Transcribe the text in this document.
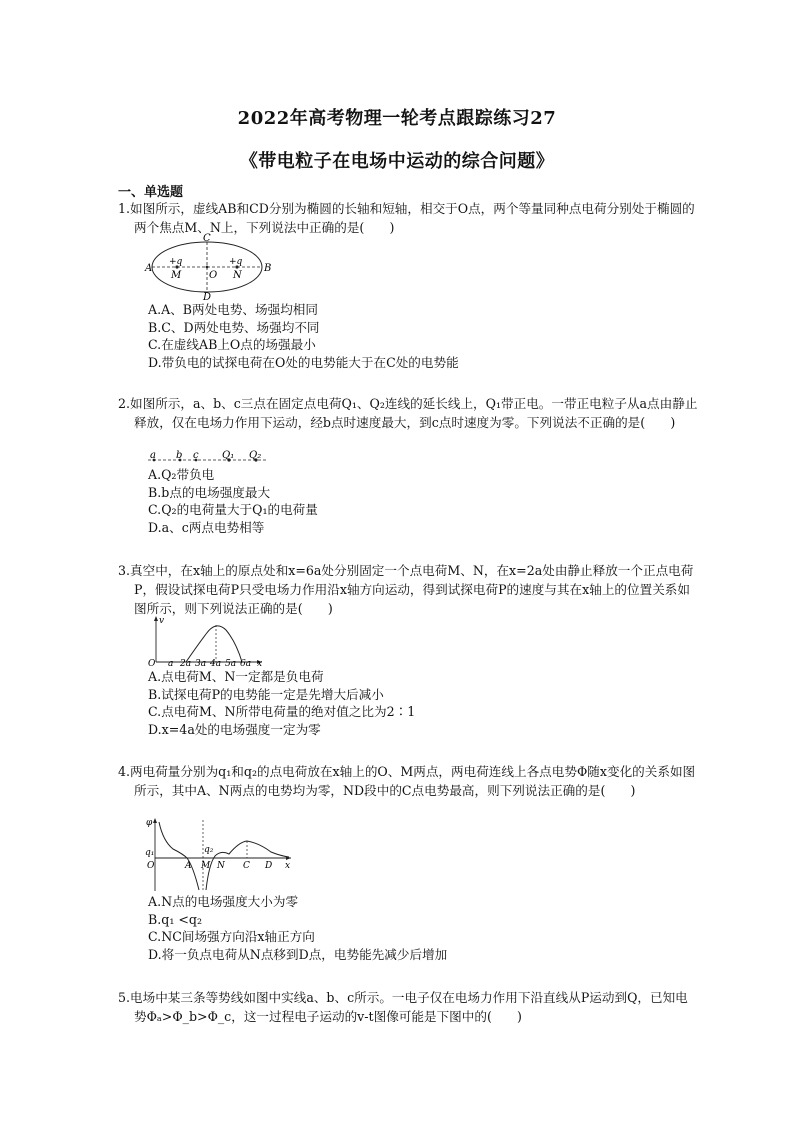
2022年高考物理一轮考点跟踪练习27
《带电粒子在电场中运动的综合问题》
一、单选题
1.如图所示，虚线AB和CD分别为椭圆的长轴和短轴，相交于O点，两个等量同种点电荷分别处于椭圆的两个焦点M、N上，下列说法中正确的是(　　)
A	B
C
D
O
M	N
+q	+q
A.A、B两处电势、场强均相同
B.C、D两处电势、场强均不同
C.在虚线AB上O点的场强最小
D.带负电的试探电荷在O处的电势能大于在C处的电势能
2.如图所示，a、b、c三点在固定点电荷Q₁、Q₂连线的延长线上，Q₁带正电。一带正电粒子从a点由静止释放，仅在电场力作用下运动，经b点时速度最大，到c点时速度为零。下列说法不正确的是(　　)
a b c Q₁ Q₂
A.Q₂带负电
B.b点的电场强度最大
C.Q₂的电荷量大于Q₁的电荷量
D.a、c两点电势相等
3.真空中，在x轴上的原点处和x=6a处分别固定一个点电荷M、N，在x=2a处由静止释放一个正点电荷P，假设试探电荷P只受电场力作用沿x轴方向运动，得到试探电荷P的速度与其在x轴上的位置关系如图所示，则下列说法正确的是(　　)
v
O	x
a 2a 3a 4a 5a 6a
A.点电荷M、N一定都是负电荷
B.试探电荷P的电势能一定是先增大后减小
C.点电荷M、N所带电荷量的绝对值之比为2∶1
D.x=4a处的电场强度一定为零
4.两电荷量分别为q₁和q₂的点电荷放在x轴上的O、M两点，两电荷连线上各点电势Φ随x变化的关系如图所示，其中A、N两点的电势均为零，ND段中的C点电势最高，则下列说法正确的是(　　)
φ
q₁	q₂
O	A M N C D x
A.N点的电场强度大小为零
B.q₁ <q₂
C.NC间场强方向沿x轴正方向
D.将一负点电荷从N点移到D点，电势能先减少后增加
5.电场中某三条等势线如图中实线a、b、c所示。一电子仅在电场力作用下沿直线从P运动到Q，已知电势Φₐ>Φ_b>Φ_c，这一过程电子运动的v-t图像可能是下图中的(　　)
